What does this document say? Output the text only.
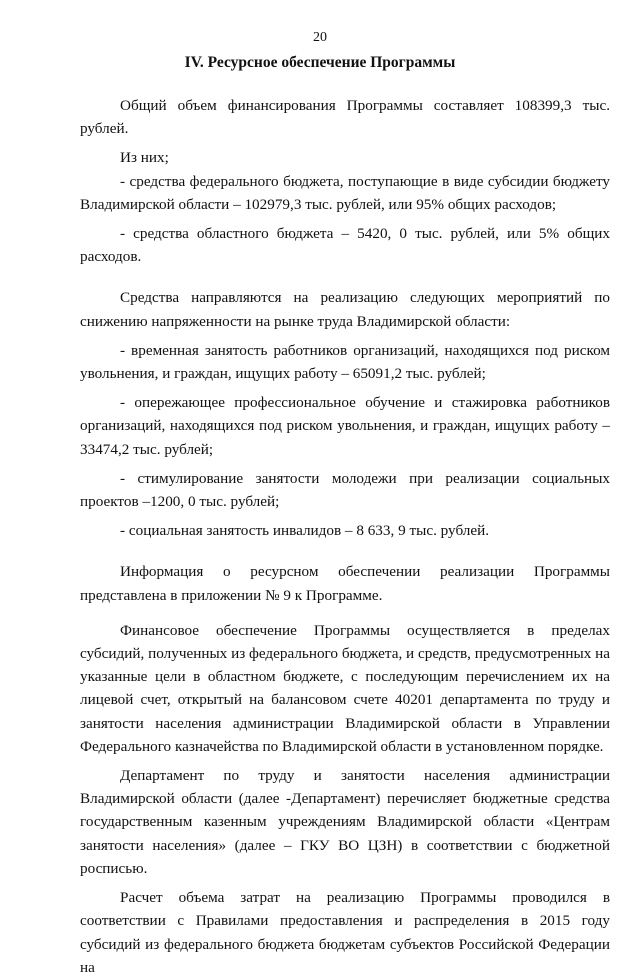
20
IV. Ресурсное обеспечение Программы

Общий объем финансирования Программы составляет 108399,3 тыс. рублей.

Из них;

- средства федерального бюджета, поступающие в виде субсидии бюджету Владимирской области – 102979,3 тыс. рублей, или 95% общих расходов;

- средства областного бюджета – 5420, 0 тыс. рублей, или 5% общих расходов.

Средства направляются на реализацию следующих мероприятий по снижению напряженности на рынке труда Владимирской области:

- временная занятость работников организаций, находящихся под риском увольнения, и граждан, ищущих работу – 65091,2 тыс. рублей;

- опережающее профессиональное обучение и стажировка работников организаций, находящихся под риском увольнения, и граждан, ищущих работу – 33474,2 тыс. рублей;

- стимулирование занятости молодежи при реализации социальных проектов –1200, 0 тыс. рублей;

- социальная занятость инвалидов – 8 633, 9 тыс. рублей.

Информация о ресурсном обеспечении реализации Программы представлена в приложении № 9 к Программе.

Финансовое обеспечение Программы осуществляется в пределах субсидий, полученных из федерального бюджета, и средств, предусмотренных на указанные цели в областном бюджете, с последующим перечислением их на лицевой счет, открытый на балансовом счете 40201 департамента по труду и занятости населения администрации Владимирской области в Управлении Федерального казначейства по Владимирской области в установленном порядке.

Департамент по труду и занятости населения администрации Владимирской области (далее -Департамент) перечисляет бюджетные средства государственным казенным учреждениям Владимирской области «Центрам занятости населения» (далее – ГКУ ВО ЦЗН) в соответствии с бюджетной росписью.

Расчет объема затрат на реализацию Программы проводился в соответствии с Правилами предоставления и распределения в 2015 году субсидий из федерального бюджета бюджетам субъектов Российской Федерации на
